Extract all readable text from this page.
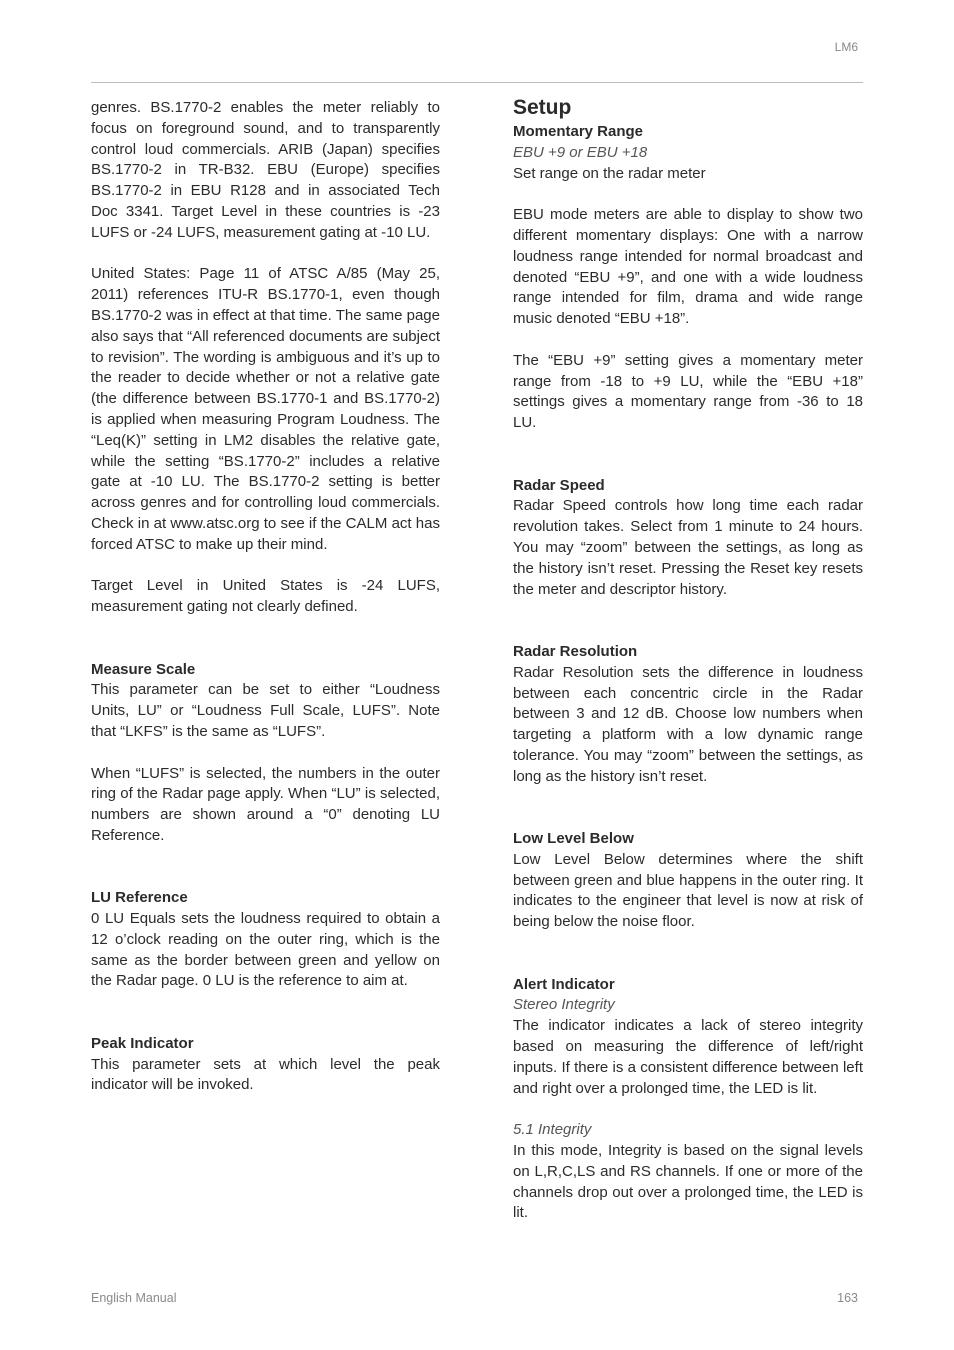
LM6

genres. BS.1770-2 enables the meter reliably to focus on foreground sound, and to transparently control loud commercials. ARIB (Japan) specifies BS.1770-2 in TR-B32. EBU (Europe) specifies BS.1770-2 in EBU R128 and in associated Tech Doc 3341. Target Level in these countries is -23 LUFS or -24 LUFS, measurement gating at -10 LU.

United States: Page 11 of ATSC A/85 (May 25, 2011) references ITU-R BS.1770-1, even though BS.1770-2 was in effect at that time. The same page also says that “All referenced documents are subject to revision”. The wording is ambiguous and it’s up to the reader to decide whether or not a relative gate (the difference between BS.1770-1 and BS.1770-2) is applied when measuring Program Loudness. The “Leq(K)” setting in LM2 disables the relative gate, while the setting “BS.1770-2” includes a relative gate at -10 LU. The BS.1770-2 setting is better across genres and for controlling loud commercials. Check in at www.atsc.org to see if the CALM act has forced ATSC to make up their mind.

Target Level in United States is -24 LUFS, measurement gating not clearly defined.

Measure Scale

This parameter can be set to either “Loudness Units, LU” or “Loudness Full Scale, LUFS”. Note that “LKFS” is the same as “LUFS”.

When “LUFS” is selected, the numbers in the outer ring of the Radar page apply. When “LU” is selected, numbers are shown around a “0” denoting LU Reference.

LU Reference

0 LU Equals sets the loudness required to obtain a 12 o’clock reading on the outer ring, which is the same as the border between green and yellow on the Radar page. 0 LU is the reference to aim at.

Peak Indicator

This parameter sets at which level the peak indicator will be invoked.

Setup

Momentary Range

EBU +9 or EBU +18

Set range on the radar meter

EBU mode meters are able to display to show two different momentary displays: One with a narrow loudness range intended for normal broadcast and denoted “EBU +9”, and one with a wide loudness range intended for film, drama and wide range music denoted “EBU +18”.

The “EBU +9” setting gives a momentary meter range from -18 to +9 LU, while the “EBU +18” settings gives a momentary range from -36 to 18 LU.

Radar Speed

Radar Speed controls how long time each radar revolution takes. Select from 1 minute to 24 hours. You may “zoom” between the settings, as long as the history isn’t reset. Pressing the Reset key resets the meter and descriptor history.

Radar Resolution

Radar Resolution sets the difference in loudness between each concentric circle in the Radar between 3 and 12 dB. Choose low numbers when targeting a platform with a low dynamic range tolerance. You may “zoom” between the settings, as long as the history isn’t reset.

Low Level Below

Low Level Below determines where the shift between green and blue happens in the outer ring. It indicates to the engineer that level is now at risk of being below the noise floor.

Alert Indicator

Stereo Integrity

The indicator indicates a lack of stereo integrity based on measuring the difference of left/right inputs. If there is a consistent difference between left and right over a prolonged time, the LED is lit.

5.1 Integrity

In this mode, Integrity is based on the signal levels on L,R,C,LS and RS channels. If one or more of the channels drop out over a prolonged time, the LED is lit.

English Manual	163
